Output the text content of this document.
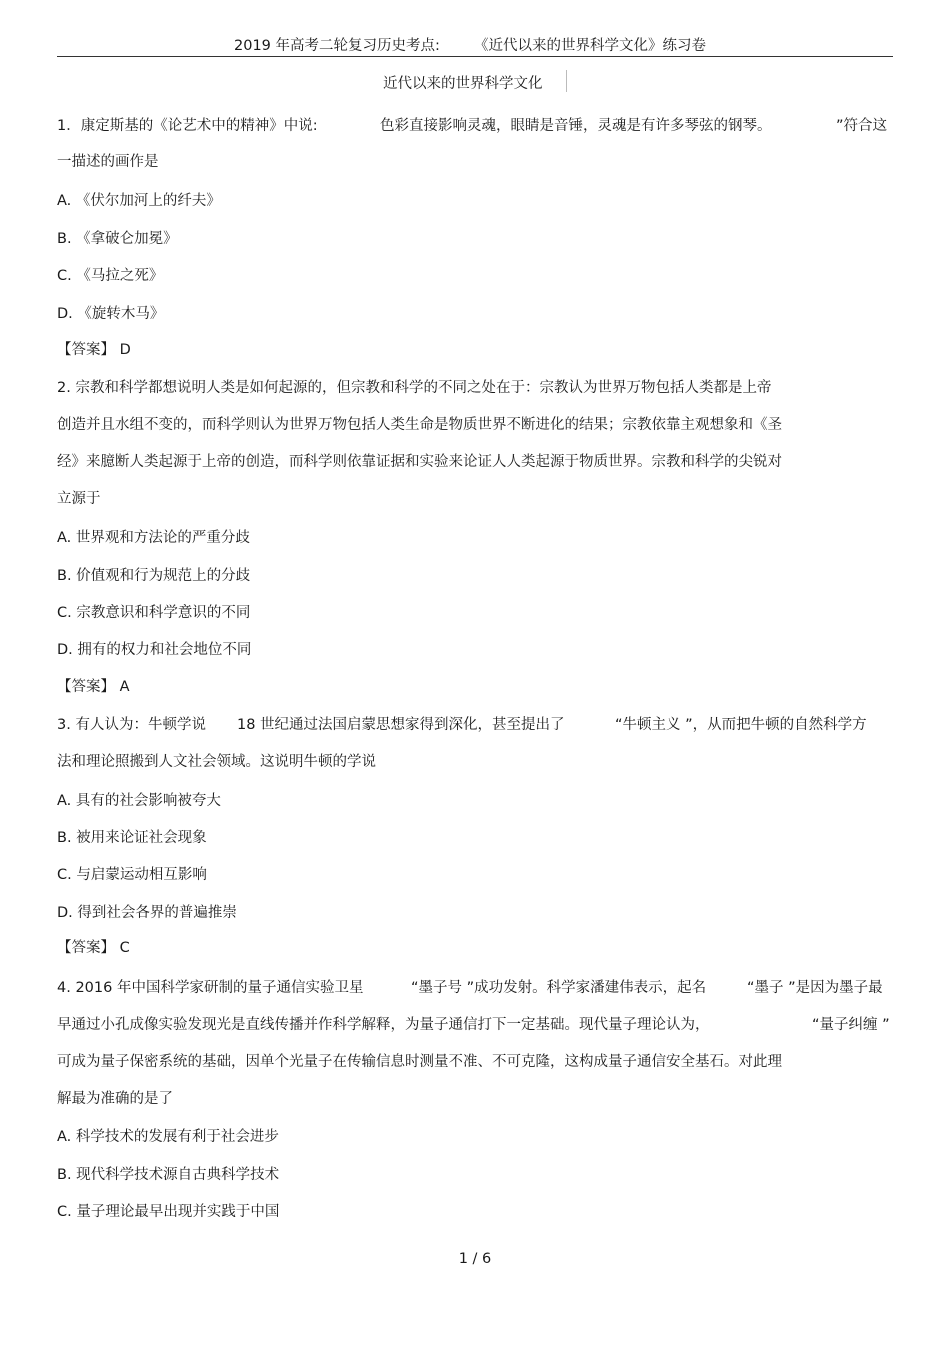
2019 年高考二轮复习历史考点: 《近代以来的世界科学文化》练习卷
近代以来的世界科学文化
1．康定斯基的《论艺术中的精神》中说:	色彩直接影响灵魂，眼睛是音锤，灵魂是有许多琴弦的钢琴。	”符合这
一描述的画作是
A. 《伏尔加河上的纤夫》
B. 《拿破仑加冕》
C. 《马拉之死》
D. 《旋转木马》
【答案】 D
2. 宗教和科学都想说明人类是如何起源的，但宗教和科学的不同之处在于：宗教认为世界万物包括人类都是上帝
创造并且水组不变的，而科学则认为世界万物包括人类生命是物质世界不断进化的结果；宗教依靠主观想象和《圣
经》来臆断人类起源于上帝的创造，而科学则依靠证据和实验来论证人人类起源于物质世界。宗教和科学的尖锐对
立源于
A. 世界观和方法论的严重分歧
B. 价值观和行为规范上的分歧
C. 宗教意识和科学意识的不同
D. 拥有的权力和社会地位不同
【答案】 A
3. 有人认为：牛顿学说 18 世纪通过法国启蒙思想家得到深化，甚至提出了	“牛顿主义 ”，从而把牛顿的自然科学方
法和理论照搬到人文社会领域。这说明牛顿的学说
A. 具有的社会影响被夸大
B. 被用来论证社会现象
C. 与启蒙运动相互影响
D. 得到社会各界的普遍推崇
【答案】 C
4. 2016 年中国科学家研制的量子通信实验卫星	“墨子号 ”成功发射。科学家潘建伟表示，起名	“墨子 ”是因为墨子最
早通过小孔成像实验发现光是直线传播并作科学解释，为量子通信打下一定基础。现代量子理论认为，	“量子纠缠 ”
可成为量子保密系统的基础，因单个光量子在传输信息时测量不准、不可克隆，这构成量子通信安全基石。对此理
解最为准确的是了
A. 科学技术的发展有利于社会进步
B. 现代科学技术源自古典科学技术
C. 量子理论最早出现并实践于中国
1 / 6
